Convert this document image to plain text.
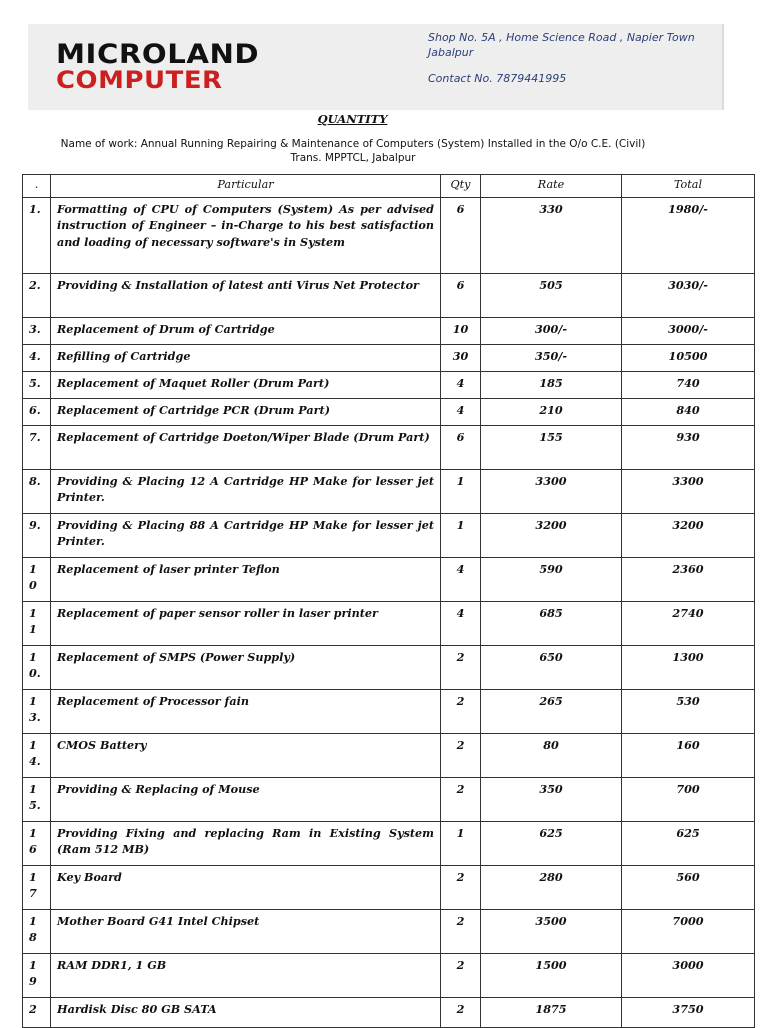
MICROLAND
COMPUTER
Shop No. 5A , Home Science Road , Napier Town
Jabalpur
Contact No. 7879441995
QUANTITY
Name of work: Annual Running Repairing & Maintenance of Computers (System) Installed in the O/o C.E. (Civil)
Trans. MPPTCL, Jabalpur
.	Particular	Qty	Rate	Total
1.	Formatting of CPU of Computers (System) As per advised instruction of Engineer – in-Charge to his best satisfaction and loading of necessary software's in System	6	330	1980/-
2.	Providing & Installation of latest anti Virus Net Protector	6	505	3030/-
3.	Replacement of Drum of Cartridge	10	300/-	3000/-
4.	Refilling of Cartridge	30	350/-	10500
5.	Replacement of Maquet Roller (Drum Part)	4	185	740
6.	Replacement of Cartridge PCR (Drum Part)	4	210	840
7.	Replacement of Cartridge Doeton/Wiper Blade (Drum Part)	6	155	930
8.	Providing & Placing 12 A Cartridge HP Make for lesser jet Printer.	1	3300	3300
9.	Providing & Placing 88 A Cartridge HP Make for lesser jet Printer.	1	3200	3200
1 0	Replacement of laser printer Teflon	4	590	2360
1 1	Replacement of paper sensor roller in laser printer	4	685	2740
1 0.	Replacement of SMPS (Power Supply)	2	650	1300
1 3.	Replacement of Processor fain	2	265	530
1 4.	CMOS Battery	2	80	160
1 5.	Providing & Replacing of Mouse	2	350	700
1 6	Providing Fixing and replacing Ram in Existing System (Ram 512 MB)	1	625	625
1 7	Key Board	2	280	560
1 8	Mother Board G41 Intel Chipset	2	3500	7000
1 9	RAM DDR1, 1 GB	2	1500	3000
2	Hardisk Disc 80 GB SATA	2	1875	3750
